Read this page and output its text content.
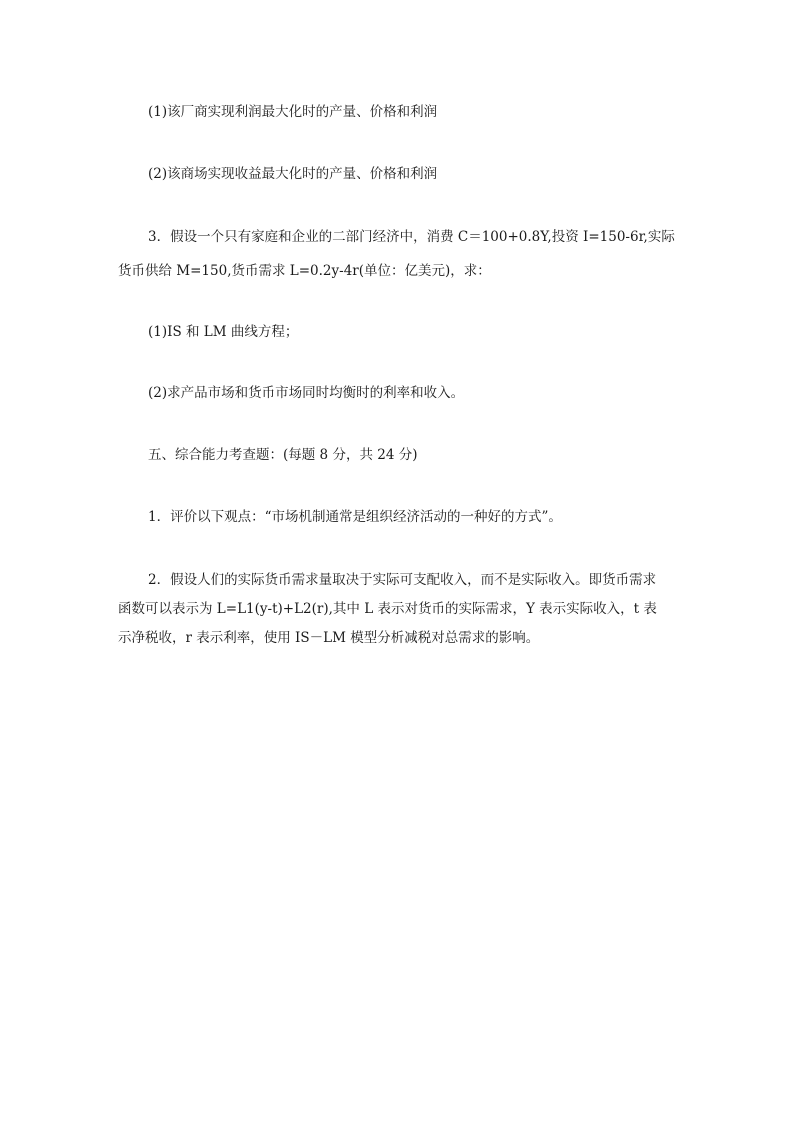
(1)该厂商实现利润最大化时的产量、价格和利润

(2)该商场实现收益最大化时的产量、价格和利润

3．假设一个只有家庭和企业的二部门经济中，消费 C＝100+0.8Y,投资 I=150-6r,实际
货币供给 M=150,货币需求 L=0.2y-4r(单位：亿美元)，求：

(1)IS 和 LM 曲线方程；

(2)求产品市场和货币市场同时均衡时的利率和收入。

五、综合能力考查题：(每题 8 分，共 24 分)

1．评价以下观点：“市场机制通常是组织经济活动的一种好的方式”。

2．假设人们的实际货币需求量取决于实际可支配收入，而不是实际收入。即货币需求
函数可以表示为 L=L1(y-t)+L2(r),其中 L 表示对货币的实际需求，Y 表示实际收入，t 表
示净税收，r 表示利率，使用 IS－LM 模型分析减税对总需求的影响。
